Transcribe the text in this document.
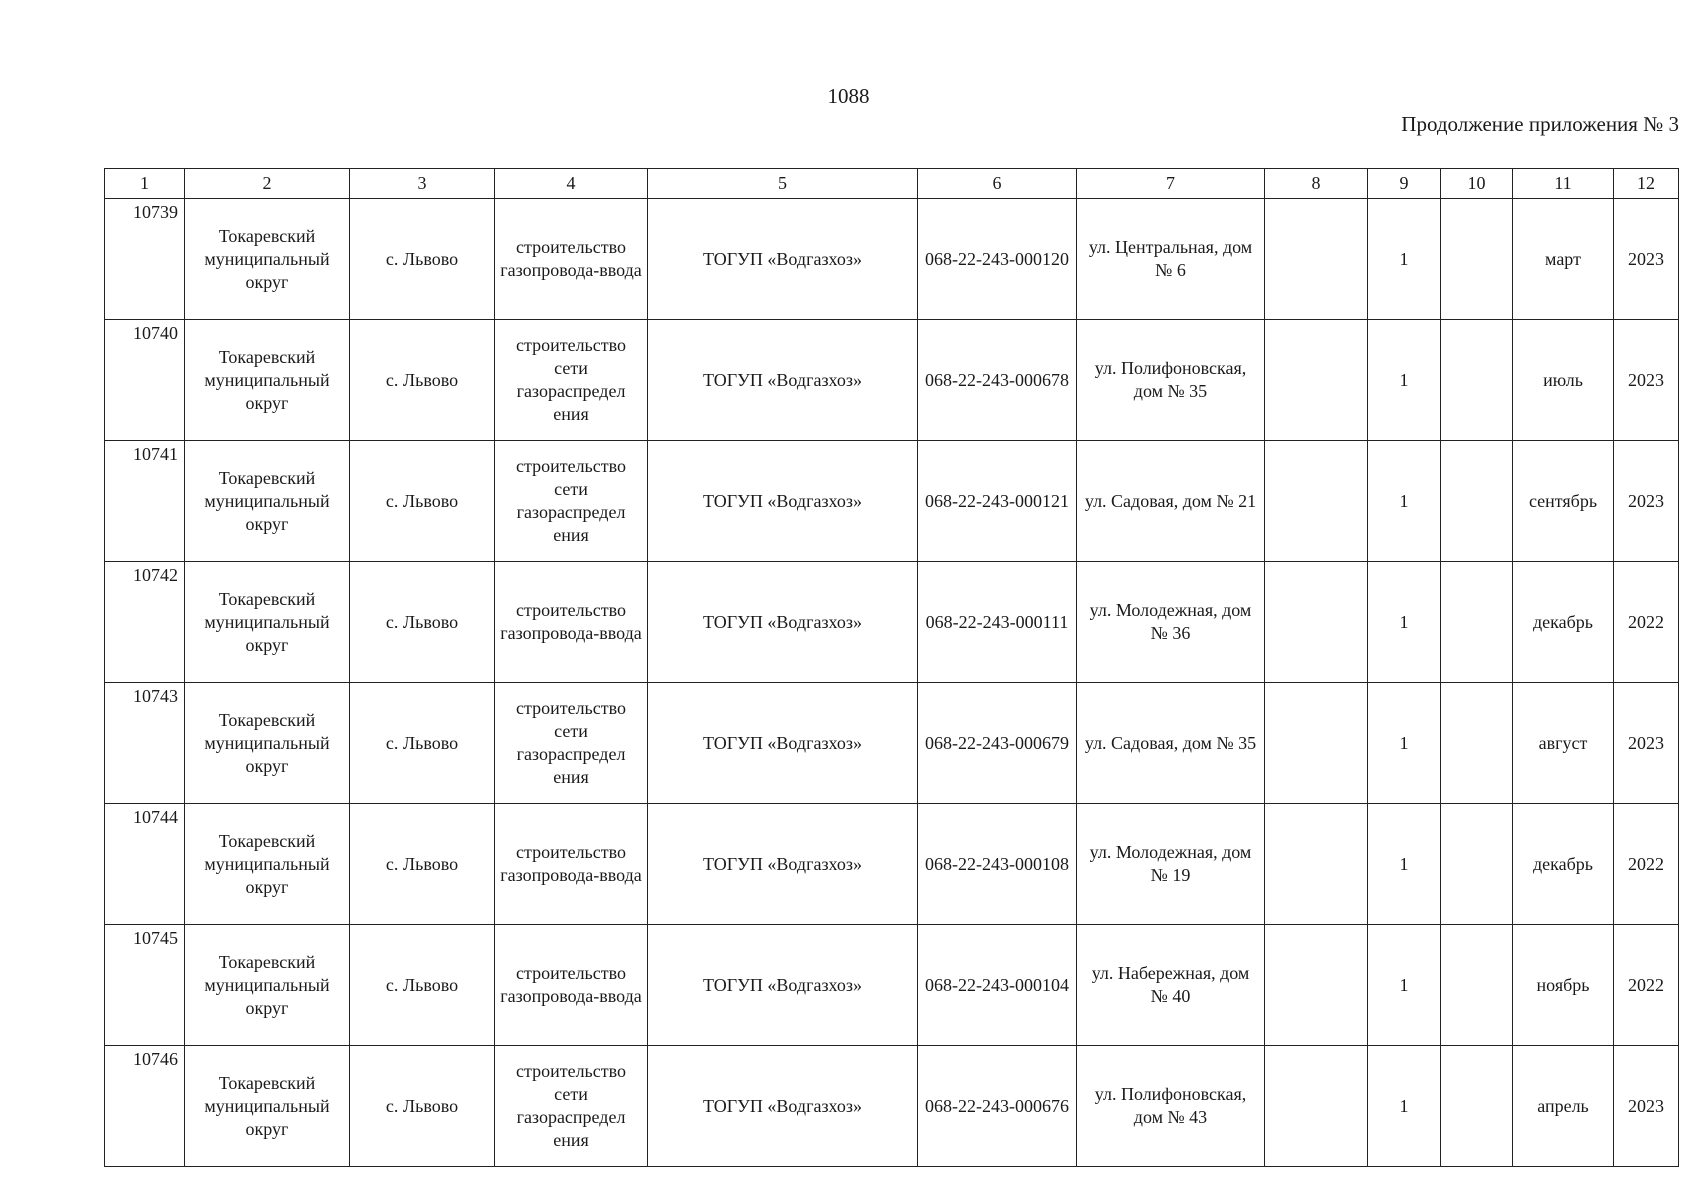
1088
Продолжение приложения № 3
1	2	3	4	5	6	7	8	9	10	11	12
10739	Токаревский муниципальный округ	с. Львово	строительство газопровода-ввода	ТОГУП «Водгазхоз»	068-22-243-000120	ул. Центральная, дом № 6		1		март	2023
10740	Токаревский муниципальный округ	с. Львово	строительство сети газораспредел ения	ТОГУП «Водгазхоз»	068-22-243-000678	ул. Полифоновская, дом № 35		1		июль	2023
10741	Токаревский муниципальный округ	с. Львово	строительство сети газораспредел ения	ТОГУП «Водгазхоз»	068-22-243-000121	ул. Садовая, дом № 21		1		сентябрь	2023
10742	Токаревский муниципальный округ	с. Львово	строительство газопровода-ввода	ТОГУП «Водгазхоз»	068-22-243-000111	ул. Молодежная, дом № 36		1		декабрь	2022
10743	Токаревский муниципальный округ	с. Львово	строительство сети газораспредел ения	ТОГУП «Водгазхоз»	068-22-243-000679	ул. Садовая, дом № 35		1		август	2023
10744	Токаревский муниципальный округ	с. Львово	строительство газопровода-ввода	ТОГУП «Водгазхоз»	068-22-243-000108	ул. Молодежная, дом № 19		1		декабрь	2022
10745	Токаревский муниципальный округ	с. Львово	строительство газопровода-ввода	ТОГУП «Водгазхоз»	068-22-243-000104	ул. Набережная, дом № 40		1		ноябрь	2022
10746	Токаревский муниципальный округ	с. Львово	строительство сети газораспредел ения	ТОГУП «Водгазхоз»	068-22-243-000676	ул. Полифоновская, дом № 43		1		апрель	2023
